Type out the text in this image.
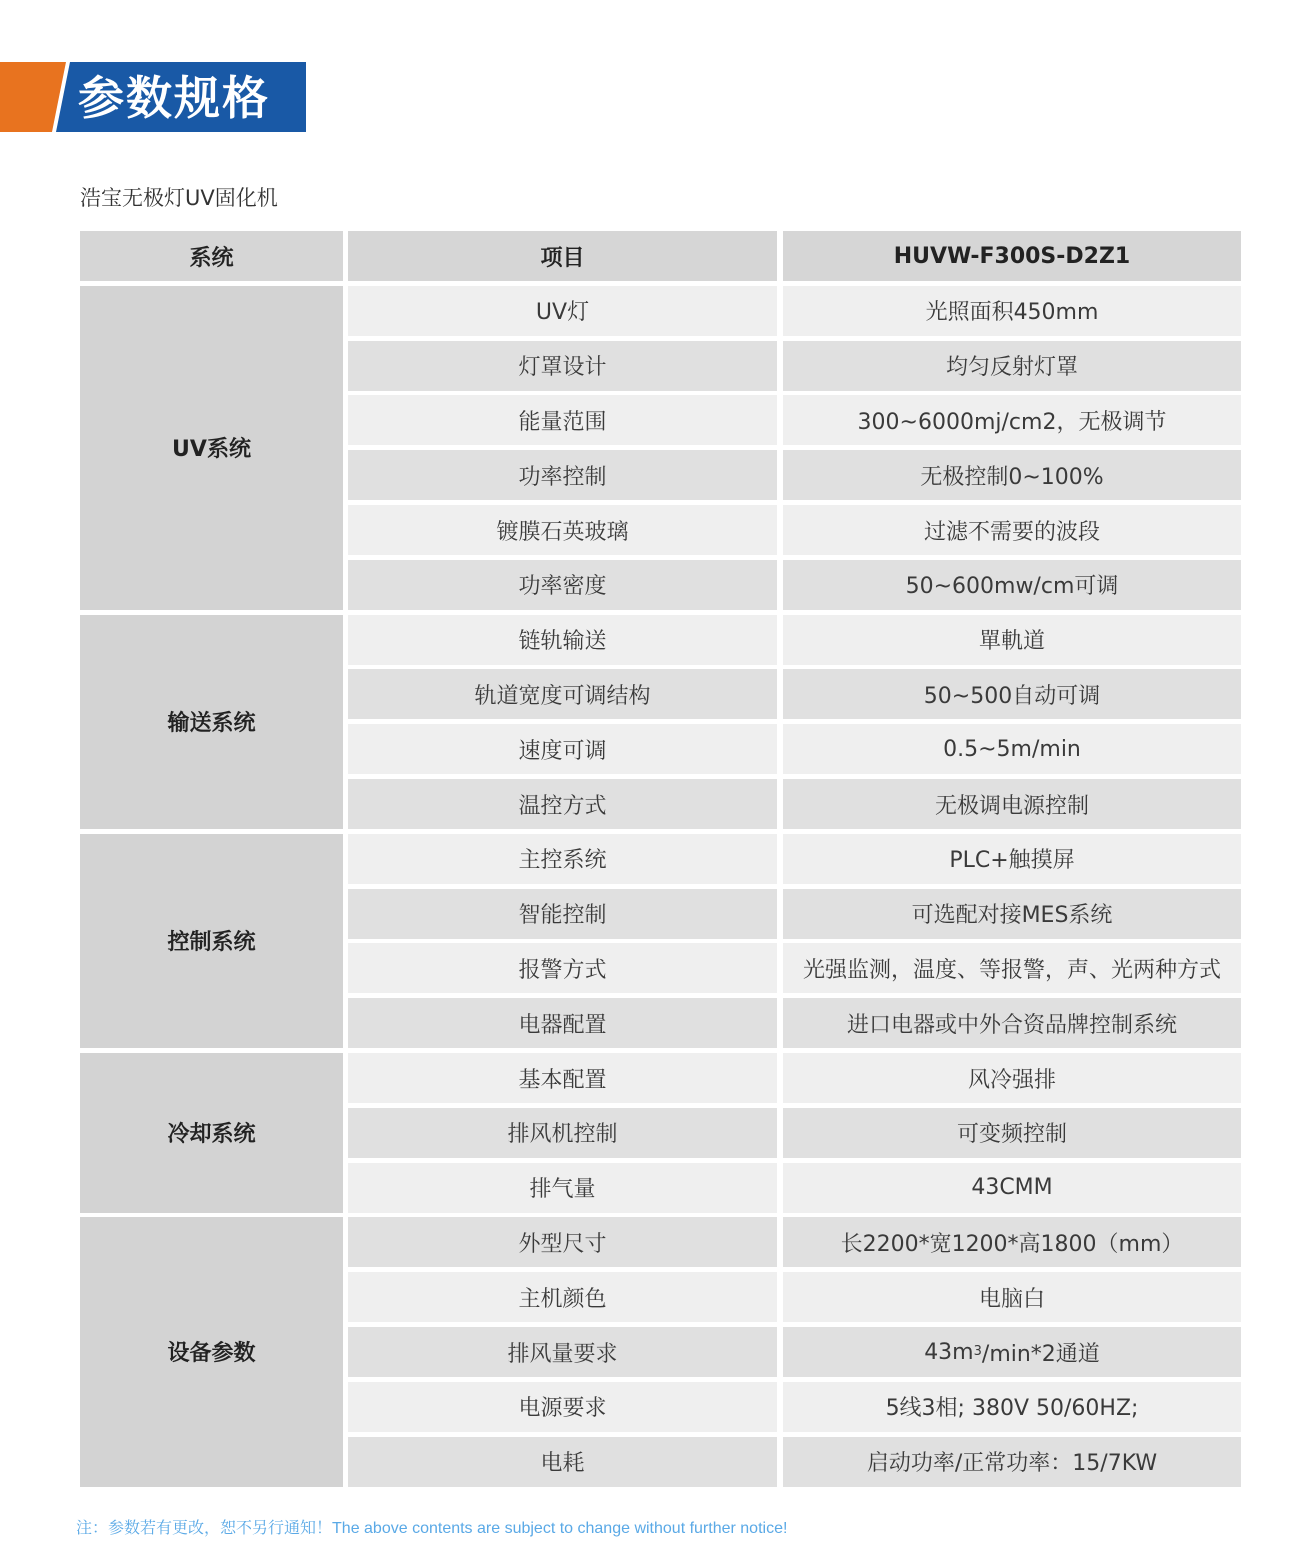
参数规格
浩宝无极灯UV固化机
系统	项目	HUVW-F300S-D2Z1
UV系统
UV灯	光照面积450mm
灯罩设计	均匀反射灯罩
能量范围	300~6000mj/cm2，无极调节
功率控制	无极控制0~100%
镀膜石英玻璃	过滤不需要的波段
功率密度	50~600mw/cm可调
输送系统
链轨输送	單軌道
轨道宽度可调结构	50~500自动可调
速度可调	0.5~5m/min
温控方式	无极调电源控制
控制系统
主控系统	PLC+触摸屏
智能控制	可选配对接MES系统
报警方式	光强监测，温度、等报警，声、光两种方式
电器配置	进口电器或中外合资品牌控制系统
冷却系统
基本配置	风冷强排
排风机控制	可变频控制
排气量	43CMM
设备参数
外型尺寸	长2200*宽1200*高1800（mm）
主机颜色	电脑白
排风量要求	43m 3 /min*2通道
电源要求	5线3相; 380V 50/60HZ;
电耗	启动功率/正常功率：15/7KW
注：参数若有更改，恕不另行通知！The above contents are subject to change without further notice!
